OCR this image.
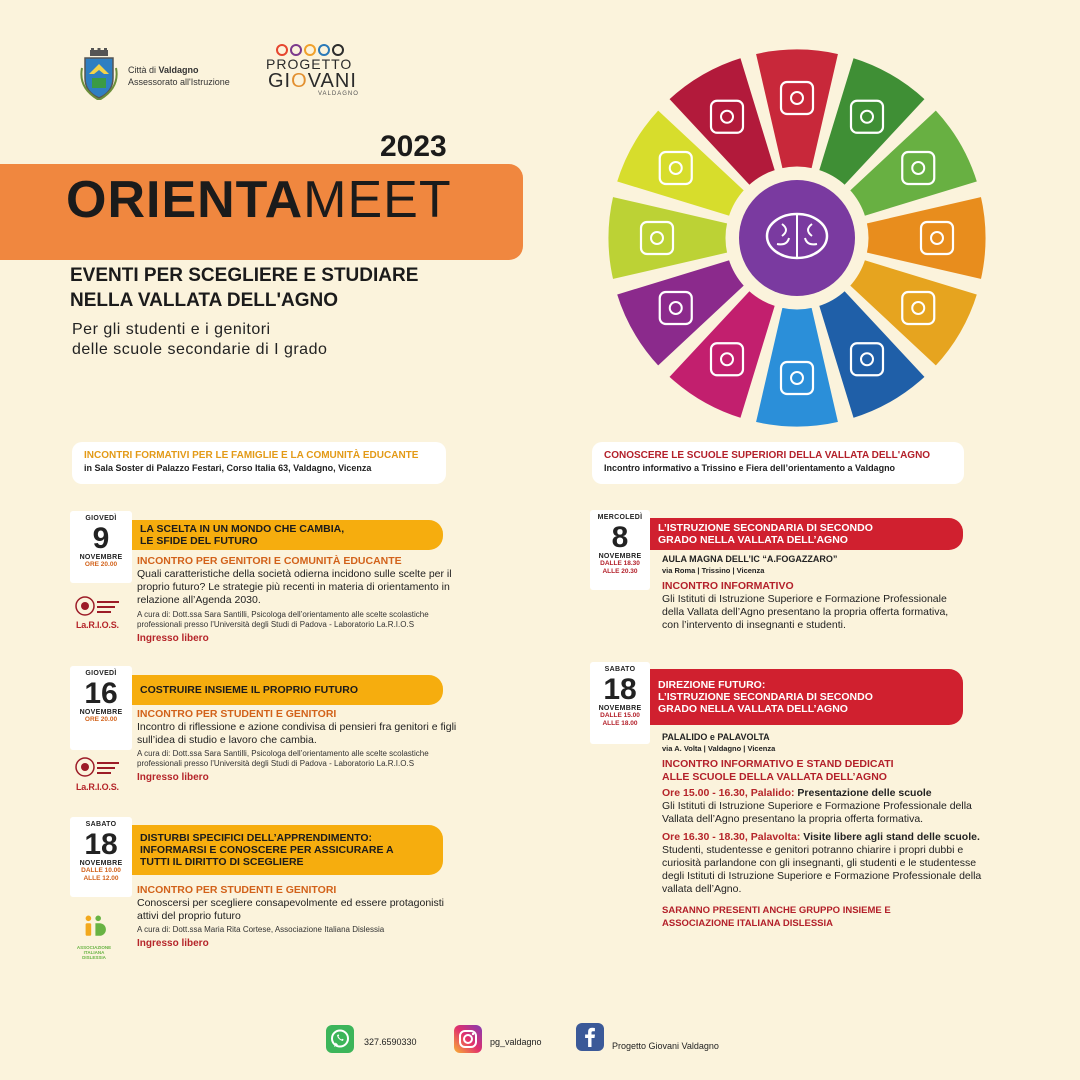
Città di Valdagno
Assessorato all'Istruzione
PROGETTO
GIOVANI
VALDAGNO
2023
ORIENTAMEET
EVENTI PER SCEGLIERE E STUDIARE
NELLA VALLATA DELL'AGNO
Per gli studenti e i genitori
delle scuole secondarie di I grado
INCONTRI FORMATIVI PER LE FAMIGLIE E LA COMUNITÀ EDUCANTE
in Sala Soster di Palazzo Festari, Corso Italia 63, Valdagno, Vicenza
CONOSCERE LE SCUOLE SUPERIORI DELLA VALLATA DELL'AGNO
Incontro informativo a Trissino e Fiera dell’orientamento a Valdagno
GIOVEDÌ
9
NOVEMBRE
ORE 20.00
LA SCELTA IN UN MONDO CHE CAMBIA,
LE SFIDE DEL FUTURO
INCONTRO PER GENITORI E COMUNITÀ EDUCANTE
Quali caratteristiche della società odierna incidono sulle scelte per il proprio futuro? Le strategie più recenti in materia di orientamento in relazione all’Agenda 2030.
A cura di: Dott.ssa Sara Santilli, Psicologa dell’orientamento alle scelte scolastiche professionali presso l’Università degli Studi di Padova - Laboratorio La.R.I.O.S
Ingresso libero
La.R.I.O.S.
GIOVEDÌ
16
NOVEMBRE
ORE 20.00
COSTRUIRE INSIEME IL PROPRIO FUTURO
INCONTRO PER STUDENTI E GENITORI
Incontro di riflessione e azione condivisa di pensieri fra genitori e figli sull’idea di studio e lavoro che cambia.
A cura di: Dott.ssa Sara Santilli, Psicologa dell’orientamento alle scelte scolastiche professionali presso l’Università degli Studi di Padova - Laboratorio La.R.I.O.S
Ingresso libero
La.R.I.O.S.
SABATO
18
NOVEMBRE
DALLE 10.00
ALLE 12.00
DISTURBI SPECIFICI DELL’APPRENDIMENTO:
INFORMARSI E CONOSCERE PER ASSICURARE A
TUTTI IL DIRITTO DI SCEGLIERE
INCONTRO PER STUDENTI E GENITORI
Conoscersi per scegliere consapevolmente ed essere protagonisti attivi del proprio futuro
A cura di: Dott.ssa Maria Rita Cortese, Associazione Italiana Dislessia
Ingresso libero
ASSOCIAZIONE ITALIANA DISLESSIA
MERCOLEDÌ
8
NOVEMBRE
DALLE 18.30
ALLE 20.30
L’ISTRUZIONE SECONDARIA DI SECONDO
GRADO NELLA VALLATA DELL’AGNO
AULA MAGNA DELL’IC “A.FOGAZZARO”
via Roma | Trissino | Vicenza
INCONTRO INFORMATIVO
Gli Istituti di Istruzione Superiore e Formazione Professionale della Vallata dell’Agno presentano la propria offerta formativa, con l’intervento di insegnanti e studenti.
SABATO
18
NOVEMBRE
DALLE 15.00
ALLE 18.00
DIREZIONE FUTURO:
L’ISTRUZIONE SECONDARIA DI SECONDO
GRADO NELLA VALLATA DELL’AGNO
PALALIDO e PALAVOLTA
via A. Volta | Valdagno | Vicenza
INCONTRO INFORMATIVO E STAND DEDICATI
ALLE SCUOLE DELLA VALLATA DELL’AGNO
Ore 15.00 - 16.30, Palalido: Presentazione delle scuole
Gli Istituti di Istruzione Superiore e Formazione Professionale della Vallata dell’Agno presentano la propria offerta formativa.
Ore 16.30 - 18.30, Palavolta: Visite libere agli stand delle scuole.
Studenti, studentesse e genitori potranno chiarire i propri dubbi e curiosità parlandone con gli insegnanti, gli studenti e le studentesse degli Istituti di Istruzione Superiore e Formazione Professionale della vallata dell’Agno.
SARANNO PRESENTI ANCHE GRUPPO INSIEME E
ASSOCIAZIONE ITALIANA DISLESSIA
327.6590330	pg_valdagno	Progetto Giovani Valdagno
